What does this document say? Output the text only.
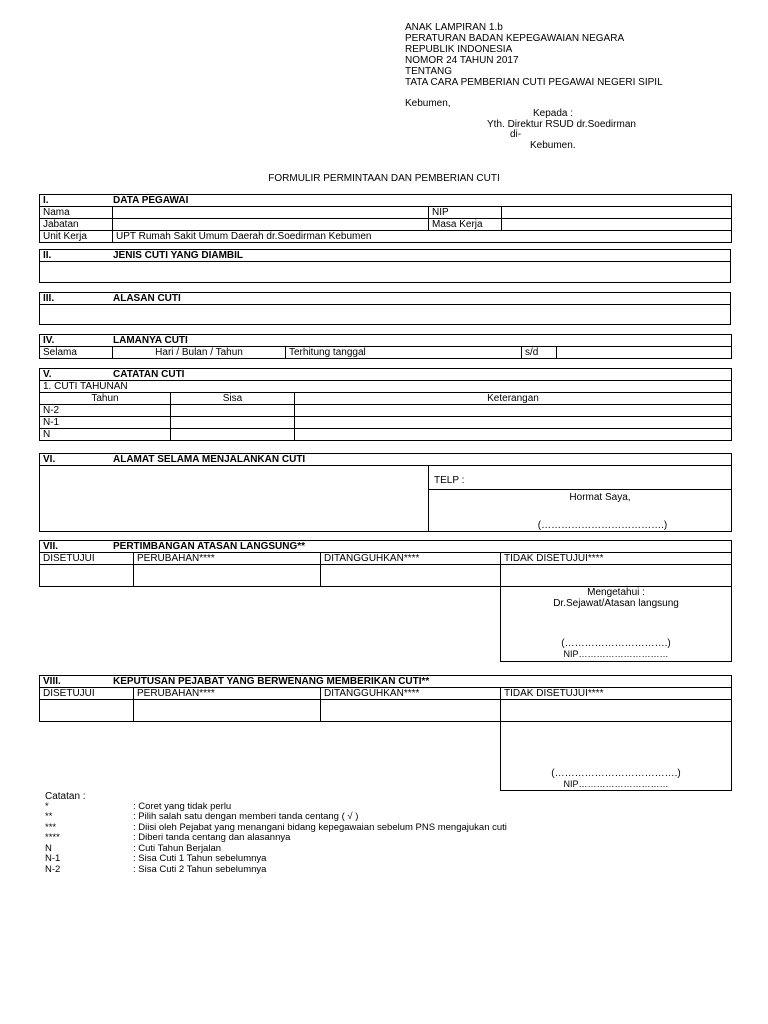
ANAK LAMPIRAN 1.b
PERATURAN BADAN KEPEGAWAIAN NEGARA
REPUBLIK INDONESIA
NOMOR 24 TAHUN 2017
TENTANG
TATA CARA PEMBERIAN CUTI PEGAWAI NEGERI SIPIL
Kebumen,
Kepada :
Yth. Direktur RSUD dr.Soedirman
di-
Kebumen.
FORMULIR PERMINTAAN DAN PEMBERIAN CUTI
I. DATA PEGAWAI			
Nama		NIP	
Jabatan		Masa Kerja	
Unit Kerja	UPT Rumah Sakit Umum Daerah dr.Soedirman Kebumen		
II.	JENIS CUTI YANG DIAMBIL

III.	ALASAN CUTI

IV.	LAMANYA CUTI
Selama	Hari / Bulan / Tahun	Terhitung tanggal	s/d	
V. CATATAN CUTI		
1. CUTI TAHUNAN		
Tahun	Sisa	Keterangan
N-2		
N-1		
N		
VI.	ALAMAT SELAMA MENJALANKAN CUTI
	TELP :

Hormat Saya,
(……………………………….)
VII. PERTIMBANGAN ATASAN LANGSUNG**			
DISETUJUI	PERUBAHAN****	DITANGGUHKAN****	TIDAK DISETUJUI****

			Mengetahui :
Dr.Sejawat/Atasan langsung
(………………………….)
NIP…………………………
VIII. KEPUTUSAN PEJABAT YANG BERWENANG MEMBERIKAN CUTI**			
DISETUJUI	PERUBAHAN****	DITANGGUHKAN****	TIDAK DISETUJUI****

			(……………………………….)
NIP…………………………
Catatan :
*	: Coret yang tidak perlu
**	: Pilih salah satu dengan memberi tanda centang ( √ )
***	: Diisi oleh Pejabat yang menangani bidang kepegawaian sebelum PNS mengajukan cuti
****	: Diberi tanda centang dan alasannya
N	: Cuti Tahun Berjalan
N-1	: Sisa Cuti 1 Tahun sebelumnya
N-2	: Sisa Cuti 2 Tahun sebelumnya
